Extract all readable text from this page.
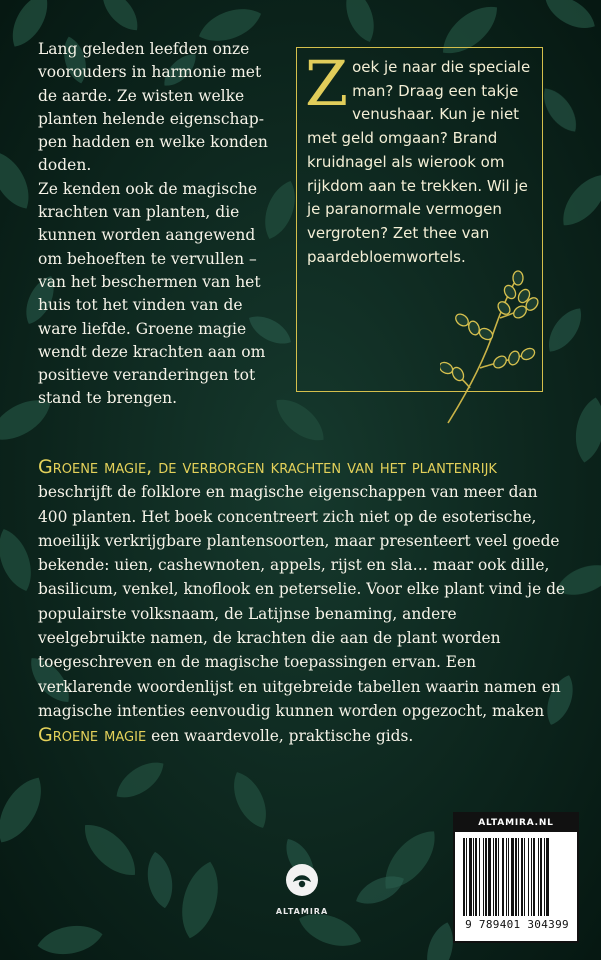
Lang geleden leefden onze voorouders in harmonie met de aarde. Ze wisten welke planten helende eigenschappen hadden en welke konden doden.

Ze kenden ook de magische krachten van planten, die kunnen worden aangewend om behoeften te vervullen – van het beschermen van het huis tot het vinden van de ware liefde. Groene magie wendt deze krachten aan om positieve veranderingen tot stand te brengen.

Z oek je naar die speciale man? Draag een takje venushaar. Kun je niet met geld omgaan? Brand kruidnagel als wierook om rijkdom aan te trekken. Wil je je paranormale vermogen vergroten? Zet thee van paardebloemwortels.

Groene magie, de verborgen krachten van het plantenrijk beschrijft de folklore en magische eigenschappen van meer dan 400 planten. Het boek concentreert zich niet op de esoterische, moeilijk verkrijgbare plantensoorten, maar presenteert veel goede bekende: uien, cashewnoten, appels, rijst en sla… maar ook dille, basilicum, venkel, knoflook en peterselie. Voor elke plant vind je de populairste volksnaam, de Latijnse benaming, andere veelgebruikte namen, de krachten die aan de plant worden toegeschreven en de magische toepassingen ervan. Een verklarende woordenlijst en uitgebreide tabellen waarin namen en magische intenties eenvoudig kunnen worden opgezocht, maken Groene magie een waardevolle, praktische gids.

ALTAMIRA.NL
9 789401 304399
ALTAMIRA
